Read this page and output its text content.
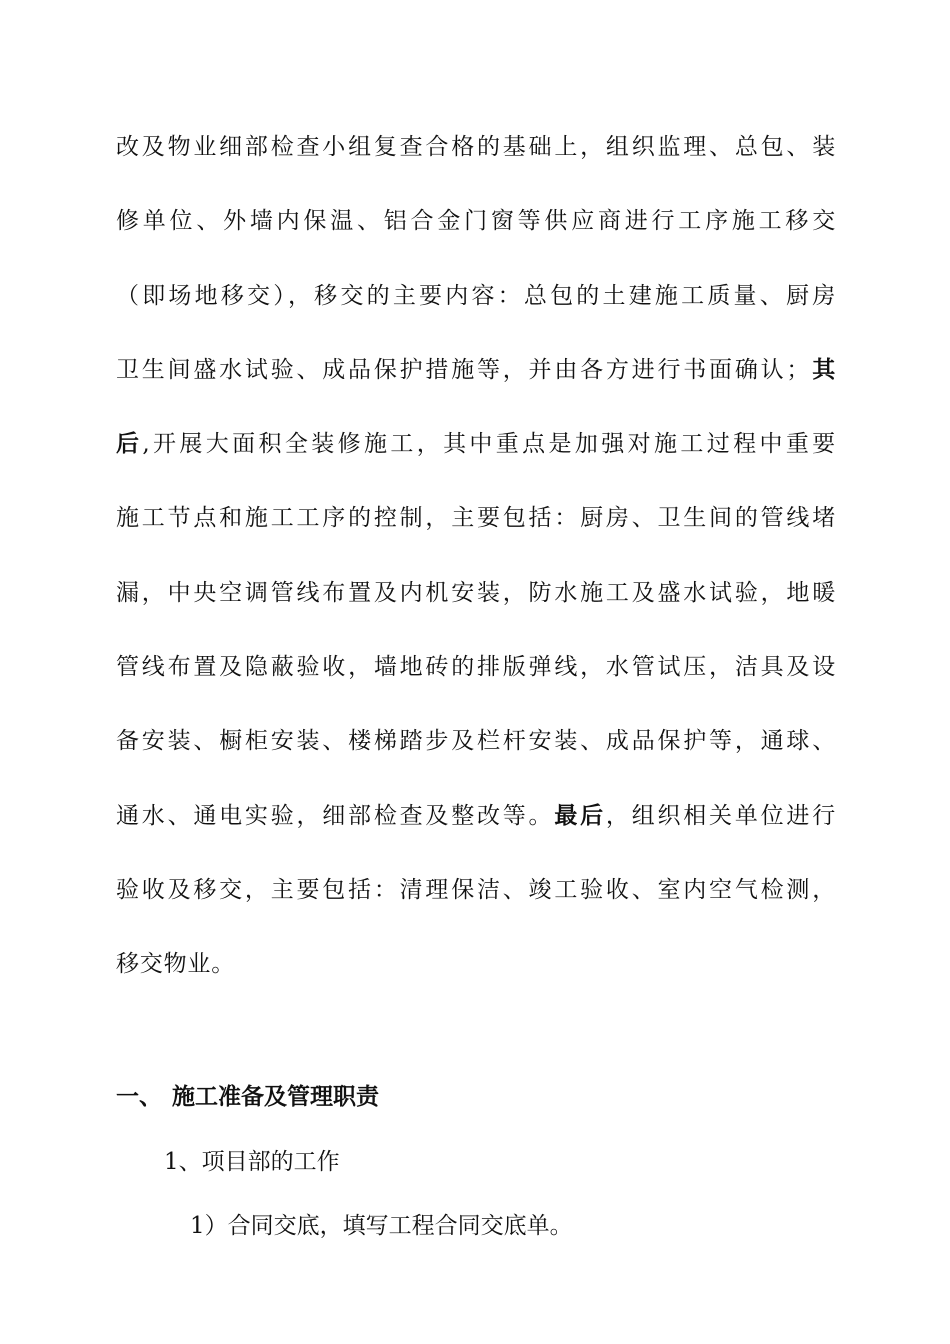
改及物业细部检查小组复查合格的基础上，组织监理、总包、装
修单位、外墙内保温、铝合金门窗等供应商进行工序施工移交
（即场地移交），移交的主要内容：总包的土建施工质量、厨房
卫生间盛水试验、成品保护措施等，并由各方进行书面确认；其
后,开展大面积全装修施工，其中重点是加强对施工过程中重要
施工节点和施工工序的控制，主要包括：厨房、卫生间的管线堵
漏，中央空调管线布置及内机安装，防水施工及盛水试验，地暖
管线布置及隐蔽验收，墙地砖的排版弹线，水管试压，洁具及设
备安装、橱柜安装、楼梯踏步及栏杆安装、成品保护等，通球、
通水、通电实验，细部检查及整改等。最后，组织相关单位进行
验收及移交，主要包括：清理保洁、竣工验收、室内空气检测，
移交物业。
一、 施工准备及管理职责
1、项目部的工作
1）合同交底，填写工程合同交底单。
